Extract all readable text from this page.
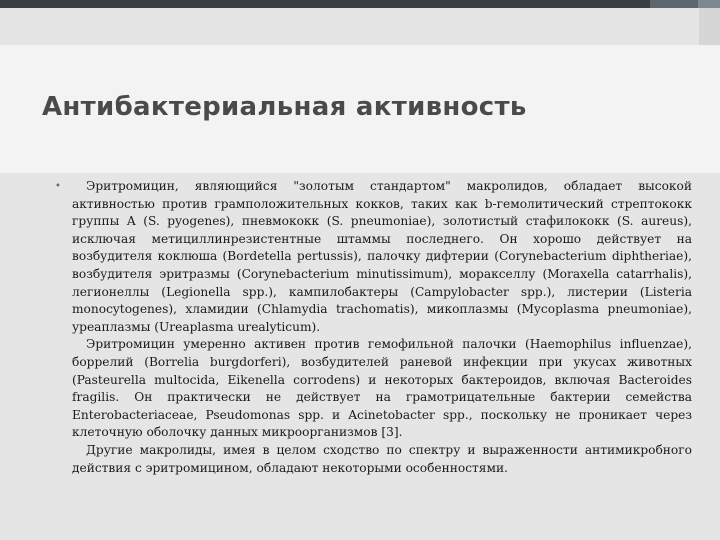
Антибактериальная активность
•	Эритромицин, являющийся "золотым стандартом" макролидов, обладает высокой активностью против грамположительных кокков, таких как b-гемолитический стрептококк группы A (S. pyogenes), пневмококк (S. pneumoniae), золотистый стафилококк (S. aureus), исключая метициллинрезистентные штаммы последнего. Он хорошо действует на возбудителя коклюша (Bordetella pertussis), палочку дифтерии (Corynebacterium diphtheriae), возбудителя эритразмы (Corynebacterium minutissimum), моракселлу (Moraxella catarrhalis), легионеллы (Legionella spp.), кампилобактеры (Campylobacter spp.), листерии (Listeria monocytogenes), хламидии (Chlamydia trachomatis), микоплазмы (Mycoplasma pneumoniae), уреаплазмы (Ureaplasma urealyticum).

Эритромицин умеренно активен против гемофильной палочки (Haemophilus influenzae), боррелий (Borrelia burgdorferi), возбудителей раневой инфекции при укусах животных (Pasteurella multocida, Eikenella corrodens) и некоторых бактероидов, включая Bacteroides fragilis. Он практически не действует на грамотрицательные бактерии семейства Enterobacteriaceae, Pseudomonas spp. и Acinetobacter spp., поскольку не проникает через клеточную оболочку данных микроорганизмов [3].

Другие макролиды, имея в целом сходство по спектру и выраженности антимикробного действия с эритромицином, обладают некоторыми особенностями.
